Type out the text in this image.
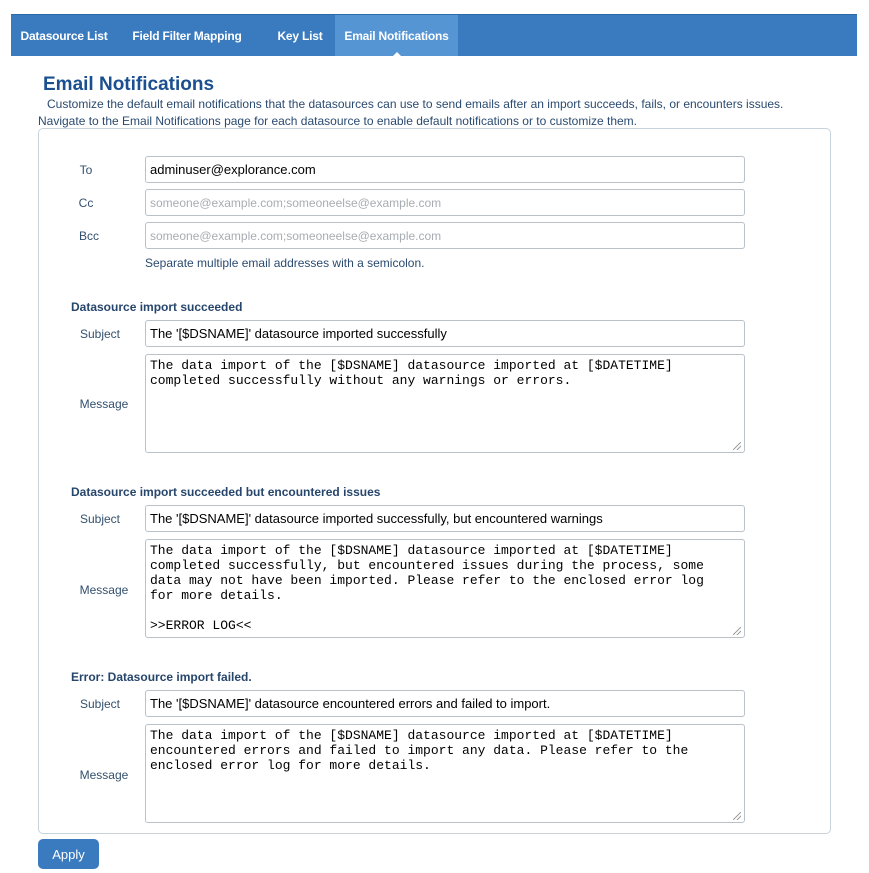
Datasource List	Field Filter Mapping	Key List	Email Notifications
Email Notifications
Customize the default email notifications that the datasources can use to send emails after an import succeeds, fails, or encounters issues.
Navigate to the Email Notifications page for each datasource to enable default notifications or to customize them.
To
adminuser@explorance.com
Cc
someone@example.com;someoneelse@example.com
Bcc
someone@example.com;someoneelse@example.com
Separate multiple email addresses with a semicolon.
Datasource import succeeded
Subject
The '[$DSNAME]' datasource imported successfully
Message
The data import of the [$DSNAME] datasource imported at [$DATETIME] completed successfully without any warnings or errors.
Datasource import succeeded but encountered issues
Subject
The '[$DSNAME]' datasource imported successfully, but encountered warnings
Message
The data import of the [$DSNAME] datasource imported at [$DATETIME] completed successfully, but encountered issues during the process, some data may not have been imported. Please refer to the enclosed error log for more details. >>ERROR LOG<<
Error: Datasource import failed.
Subject
The '[$DSNAME]' datasource encountered errors and failed to import.
Message
The data import of the [$DSNAME] datasource imported at [$DATETIME] encountered errors and failed to import any data. Please refer to the enclosed error log for more details.
Apply
